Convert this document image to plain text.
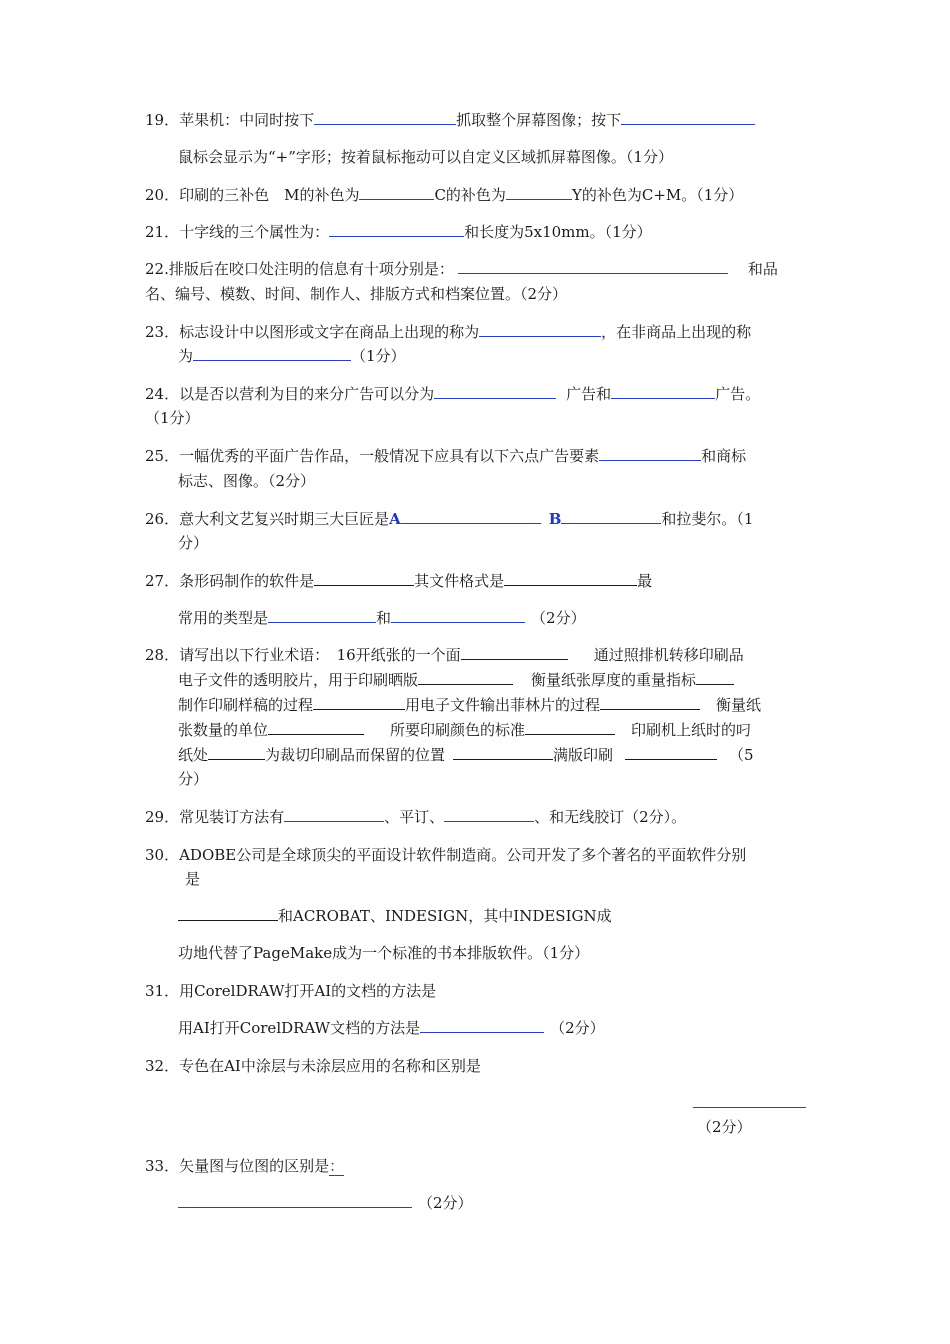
19．苹果机：中同时按下	抓取整个屏幕图像；按下
鼠标会显示为“+”字形；按着鼠标拖动可以自定义区域抓屏幕图像。（1分）
20．印刷的三补色　M的补色为	C的补色为	Y的补色为C+M。（1分）
21．十字线的三个属性为：	和长度为5x10mm。（1分）
22.排版后在咬口处注明的信息有十项分别是：	和品
名、编号、模数、时间、制作人、排版方式和档案位置。（2分）
23．标志设计中以图形或文字在商品上出现的称为	，在非商品上出现的称
为	（1分）
24．以是否以营利为目的来分广告可以分为	广告和	广告。
（1分）
25．一幅优秀的平面广告作品，一般情况下应具有以下六点广告要素	和商标
标志、图像。（2分）
26．意大利文艺复兴时期三大巨匠是A	B	和拉斐尔。（1
分）
27．条形码制作的软件是	其文件格式是	最
常用的类型是	和	（2分）
28．请写出以下行业术语：　16开纸张的一个面	通过照排机转移印刷品
电子文件的透明胶片，用于印刷晒版	衡量纸张厚度的重量指标
制作印刷样稿的过程	用电子文件输出菲林片的过程	衡量纸
张数量的单位	所要印刷颜色的标准	印刷机上纸时的叼
纸处	为裁切印刷品而保留的位置	满版印刷	（5
分）
29．常见装订方法有	、平订、	、和无线胶订（2分）。
30．ADOBE公司是全球顶尖的平面设计软件制造商。公司开发了多个著名的平面软件分别
是
和ACROBAT、INDESIGN，其中INDESIGN成
功地代替了PageMake成为一个标准的书本排版软件。（1分）
31．用CorelDRAW打开AI的文档的方法是
用AI打开CorelDRAW文档的方法是	（2分）
32．专色在AI中涂层与未涂层应用的名称和区别是
（2分）
33．矢量图与位图的区别是：
（2分）
